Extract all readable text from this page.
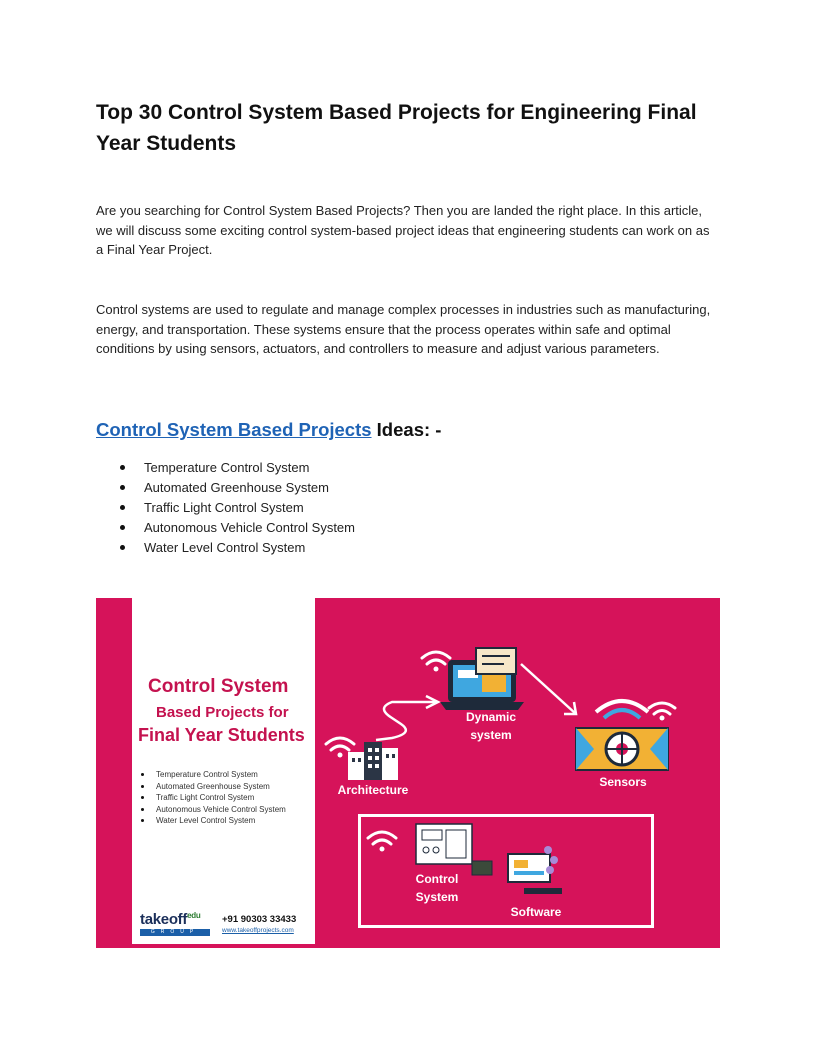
Top 30 Control System Based Projects for Engineering Final Year Students

Are you searching for Control System Based Projects? Then you are landed the right place. In this article, we will discuss some exciting control system-based project ideas that engineering students can work on as a Final Year Project.

Control systems are used to regulate and manage complex processes in industries such as manufacturing, energy, and transportation. These systems ensure that the process operates within safe and optimal conditions by using sensors, actuators, and controllers to measure and adjust various parameters.

Control System Based Projects Ideas: -
Temperature Control System
Automated Greenhouse System
Traffic Light Control System
Autonomous Vehicle Control System
Water Level Control System
Control System
Based Projects for
Final Year Students
Temperature Control System
Automated Greenhouse System
Traffic Light Control System
Autonomous Vehicle Control System
Water Level Control System
takeoff$^{edu}$
GROUP
+91 90303 33433
www.takeoffprojects.com
Dynamic
system
Sensors
Architecture
Control
System
Software
